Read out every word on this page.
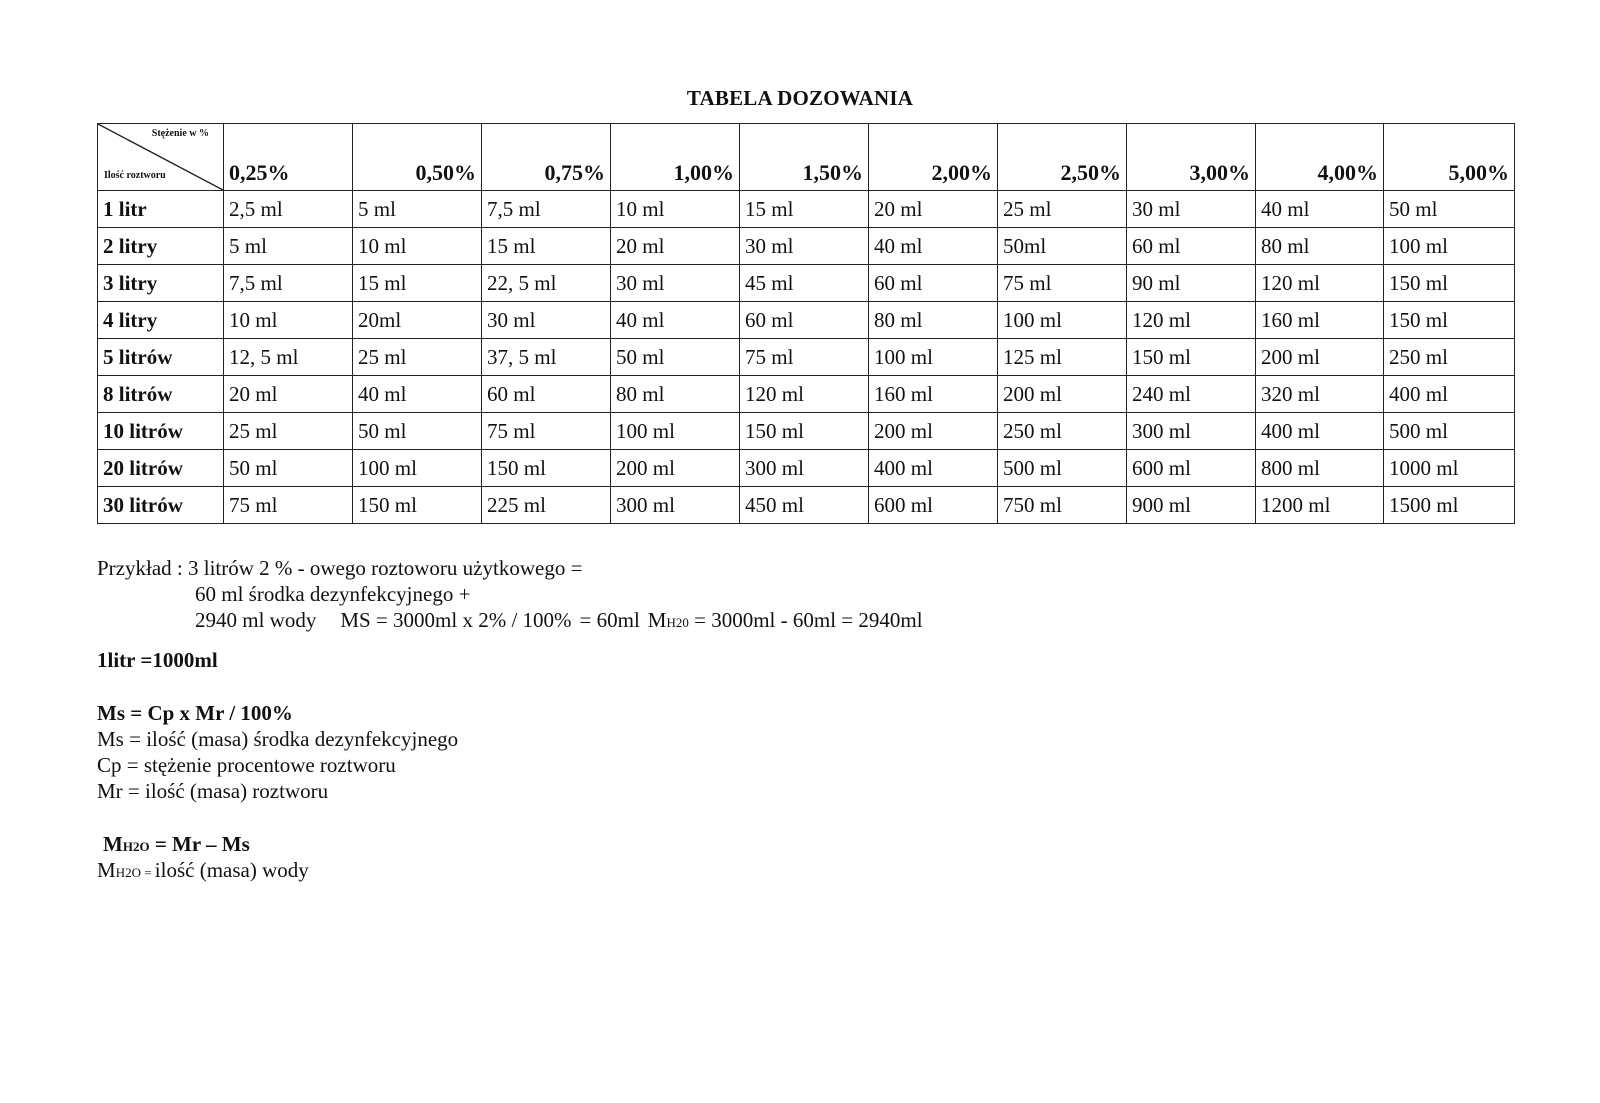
TABELA DOZOWANIA
Stężenie w %
Ilość roztworu	0,25%	0,50%	0,75%	1,00%	1,50%	2,00%	2,50%	3,00%	4,00%	5,00%
1 litr	2,5 ml	5 ml	7,5 ml	10 ml	15 ml	20 ml	25 ml	30 ml	40 ml	50 ml
2 litry	5 ml	10 ml	15 ml	20 ml	30 ml	40 ml	50ml	60 ml	80 ml	100 ml
3 litry	7,5 ml	15 ml	22, 5 ml	30 ml	45 ml	60 ml	75 ml	90 ml	120 ml	150 ml
4 litry	10 ml	20ml	30 ml	40 ml	60 ml	80 ml	100 ml	120 ml	160 ml	150 ml
5 litrów	12, 5 ml	25 ml	37, 5 ml	50 ml	75 ml	100 ml	125 ml	150 ml	200 ml	250 ml
8 litrów	20 ml	40 ml	60 ml	80 ml	120 ml	160 ml	200 ml	240 ml	320 ml	400 ml
10 litrów	25 ml	50 ml	75 ml	100 ml	150 ml	200 ml	250 ml	300 ml	400 ml	500 ml
20 litrów	50 ml	100 ml	150 ml	200 ml	300 ml	400 ml	500 ml	600 ml	800 ml	1000 ml
30 litrów	75 ml	150 ml	225 ml	300 ml	450 ml	600 ml	750 ml	900 ml	1200 ml	1500 ml
Przykład : 3 litrów 2 % - owego roztoworu użytkowego =
60 ml środka dezynfekcyjnego +
2940 ml wody MS = 3000ml x 2% / 100% = 60ml MH20 = 3000ml - 60ml = 2940ml
1litr =1000ml
Ms = Cp x Mr / 100%
Ms = ilość (masa) środka dezynfekcyjnego
Cp = stężenie procentowe roztworu
Mr = ilość (masa) roztworu
MH2O = Mr – Ms
MH2O = ilość (masa) wody
